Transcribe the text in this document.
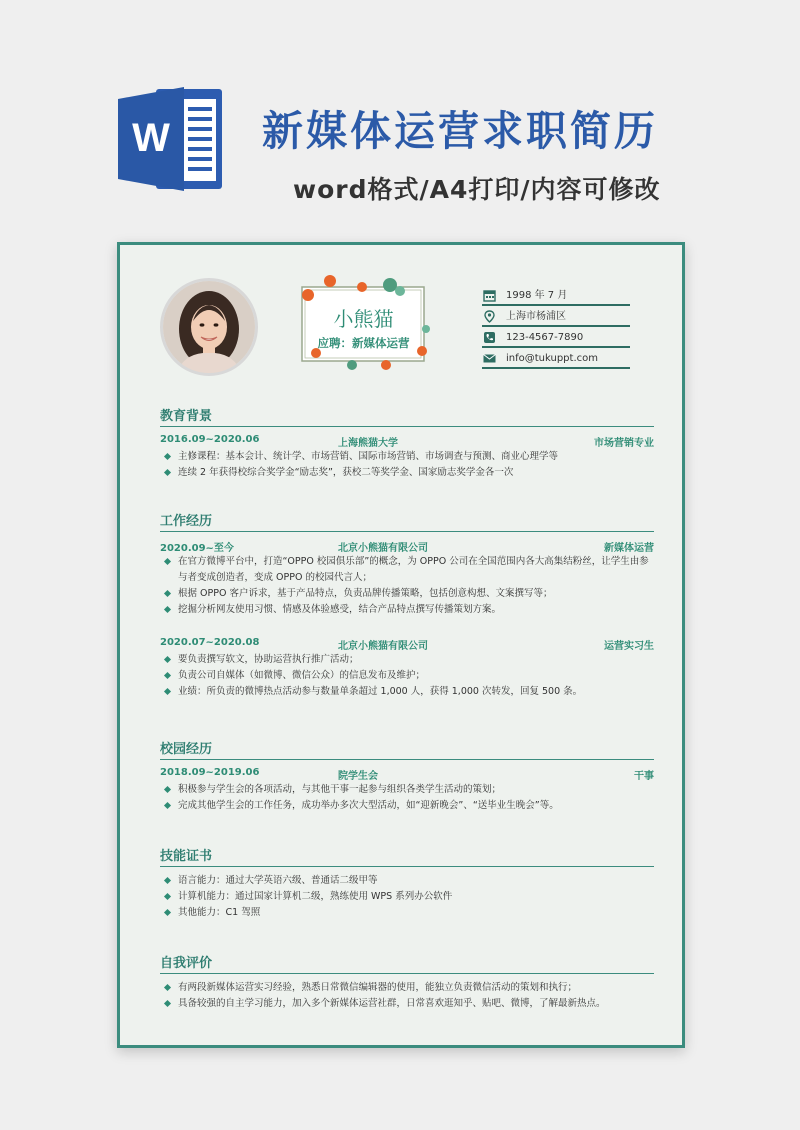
W 新媒体运营求职简历
word格式/A4打印/内容可修改
小熊猫
应聘：新媒体运营
1998 年 7 月
上海市杨浦区
123-4567-7890
info@tukuppt.com
教育背景
2016.09~2020.06	上海熊猫大学	市场营销专业
主修课程：基本会计、统计学、市场营销、国际市场营销、市场调查与预测、商业心理学等
连续 2 年获得校综合奖学金“励志奖”，获校二等奖学金、国家励志奖学金各一次
工作经历
2020.09~至今	北京小熊猫有限公司	新媒体运营
在官方微博平台中，打造“OPPO 校园俱乐部”的概念，为 OPPO 公司在全国范围内各大高集结粉丝，让学生由参与者变成创造者，变成 OPPO 的校园代言人；
根据 OPPO 客户诉求，基于产品特点，负责品牌传播策略，包括创意构想、文案撰写等；
挖掘分析网友使用习惯、情感及体验感受，结合产品特点撰写传播策划方案。
2020.07~2020.08	北京小熊猫有限公司	运营实习生
要负责撰写软文，协助运营执行推广活动；
负责公司自媒体（如微博、微信公众）的信息发布及维护；
业绩：所负责的微博热点活动参与数量单条超过 1,000 人，获得 1,000 次转发，回复 500 条。
校园经历
2018.09~2019.06	院学生会	干事
积极参与学生会的各项活动，与其他干事一起参与组织各类学生活动的策划；
完成其他学生会的工作任务，成功举办多次大型活动，如“迎新晚会”、“送毕业生晚会”等。
技能证书
语言能力：通过大学英语六级、普通话二级甲等
计算机能力：通过国家计算机二级，熟练使用 WPS 系列办公软件
其他能力：C1 驾照
自我评价
有两段新媒体运营实习经验，熟悉日常微信编辑器的使用，能独立负责微信活动的策划和执行；
具备较强的自主学习能力，加入多个新媒体运营社群，日常喜欢逛知乎、贴吧、微博，了解最新热点。
